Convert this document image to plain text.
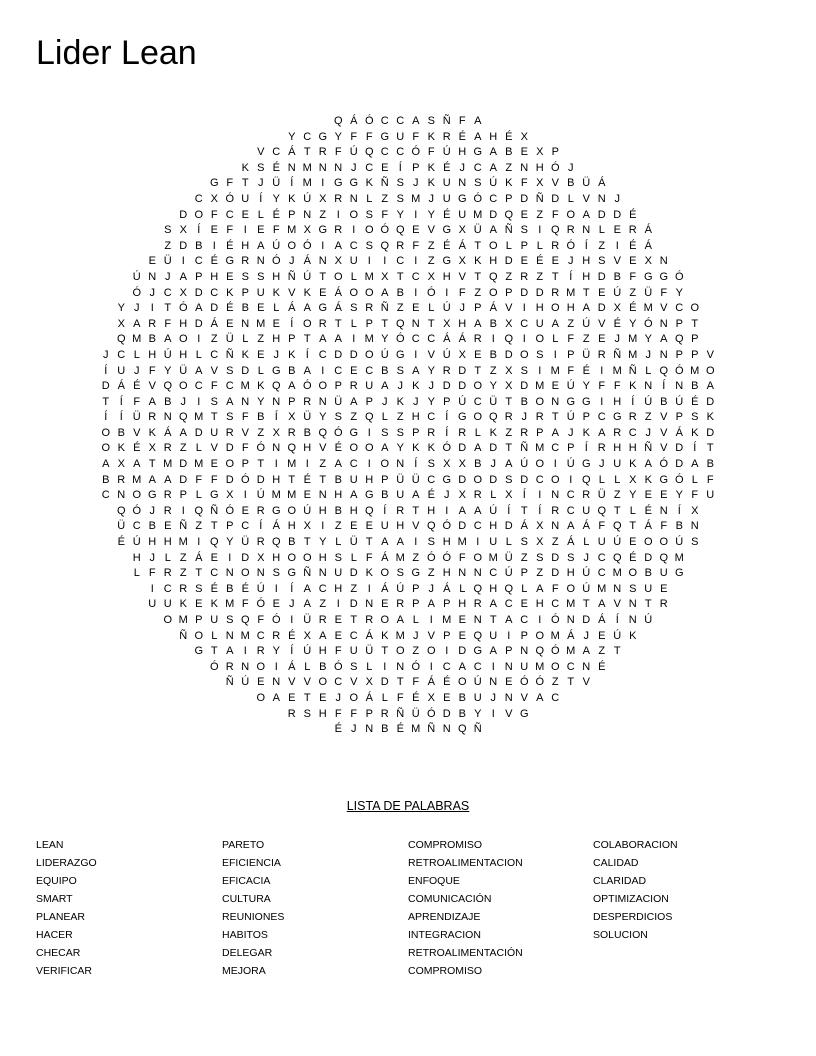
Lider Lean
Q Á Ó C C A S Ñ F A
Y C G Y F F G U F K R É A H É X
V C Á T R F Ú Q C C Ó F Ú H G A B E X P
K S É N M N N J C E Í P K É J C A Z N H Ó J
G F T J Ü Í M I G G K Ñ S J K U N S Ú K F X V B Ü Á
C X Ó U Í Y K Ú X R N L Z S M J U G Ó C P D Ñ D L V N J
D O F C E L É P N Z I O S F Y I Y É U M D Q E Z F O A D D É
S X Í E F I E F M X G R I O Ó Q E V G X Ü A Ñ S I Q R N L E R Á
Z D B I É H A Ú O Ó I A C S Q R F Z É Á T O L P L R Ó Í Z I É Á
E Ü I C É G R N Ó J Á N X U I	I C I Z G X K H D E É E J H S V E X N
Ú N J A P H E S S H Ñ Ú T O L M X T C X H V T Q Z R Z T Í H D B F G G Ó
Ó J C X D C K P U K V K E Á O O A B I Ó I F Z O P D D R M T E Ú Z Ü F Y
Y J	I T Ó A D É B E L Á A G Á S R Ñ Z E L Ú J P Á V I H O H A D X É M V C O
X A R F H D Á E N M E Í O R T L P T Q N T X H A B X C U A Z Ú V É Y Ó N P T
Q M B A O I Z Ü L Z H P T A A I M Y Ó C C Á Á R I Q I O L F Z E J M Y A Q P
J C L H Ú H L C Ñ K E J K Í C D D O Ú G I V Ú X E B D O S I P Ü R Ñ M J N P P V
Í U J F Y Ü A V S D L G B A I C E C B S A Y R D T Z X S I M F É I M Ñ L Q Ó M O
D Á É V Q O C F C M K Q A Ó O P R U A J K J D D O Y X D M E Ú Y F F K N Í N B A
T Í F A B J	I S A N Y N P R N Ü A P J K J Y P Ú C Ü T B O N G G I H Í Ú B Ú É D
Í	Í Ü R N Q M T S F B Í X Ü Y S Z Q L Z H C Í G O Q R J R T Ú P C G R Z V P S K
O B V K Á A D U R V Z X R B Q Ó G I S S P R Í R L K Z R P A J K A R C J V Á K D
O K É X R Z L V D F Ó N Q H V É O O A Y K K Ó D A D T Ñ M C P Í R H H Ñ V D Í T
A X A T M D M E O P T I M I Z A C I O N Í S X X B J A Ú O I Ú G J U K A Ó D A B
B R M A A D F F D Ó D H T É T B U H P Ü Ü C G D O D S D C O I Q L L X K G Ó L F
C N O G R P L G X I Ú M M E N H A G B U A É J X R L X Í	I N C R Ü Z Y E E Y F U
Q Ó J R I Q Ñ Ó E R G O Ú H B H Q Í R T H I A A Ú Í T Í R C U Q T L É N Í X
Ü C B E Ñ Z T P C Í Á H X I Z E E U H V Q Ó D C H D Á X N A Á F Q T Á F B N
É Ú H H M I Q Y Ü R Q B T Y L Ü T A A I S H M I U L S X Z Á L U Ú E O O Ú S
H J L Z Á E I D X H O O H S L F Á M Z Ó Ó F O M Ü Z S D S J C Q É D Q M
L F R Z T C N O N S G Ñ N U D K O S G Z H N N C Ú P Z D H Ú C M O B U G
I C R S É B É Ú I	Í A C H Z I Á Ú P J Á L Q H Q L A F O Ú M N S U E
U U K E K M F Ó E J A Z I D N E R P A P H R A C E H C M T A V N T R
O M P U S Q F Ó I Ü R E T R O A L I M E N T A C I Ó N D Á Í N Ú
Ñ O L N M C R É X A E C Á K M J V P E Q U I P O M Á J E Ú K
G T A I R Y Í Ú H F U Ü T O Z O I D G A P N Q Ó M A Z T
Ó R N O I Á L B Ó S L I N Ó I C A C I N U M O C N É
Ñ Ú E N V V O C V X D T F Á É O Ú N E Ó Ó Z T V
O A E T E J O Á L F É X E B U J N V A C
R S H F F P R Ñ Ü Ó D B Y I V G
É J N B É M Ñ N Q Ñ
LISTA DE PALABRAS
LEAN
LIDERAZGO
EQUIPO
SMART
PLANEAR
HACER
CHECAR
VERIFICAR
PARETO
EFICIENCIA
EFICACIA
CULTURA
REUNIONES
HABITOS
DELEGAR
MEJORA
COMPROMISO
RETROALIMENTACION
ENFOQUE
COMUNICACIÓN
APRENDIZAJE
INTEGRACION
RETROALIMENTACIÓN
COMPROMISO
COLABORACION
CALIDAD
CLARIDAD
OPTIMIZACION
DESPERDICIOS
SOLUCION
